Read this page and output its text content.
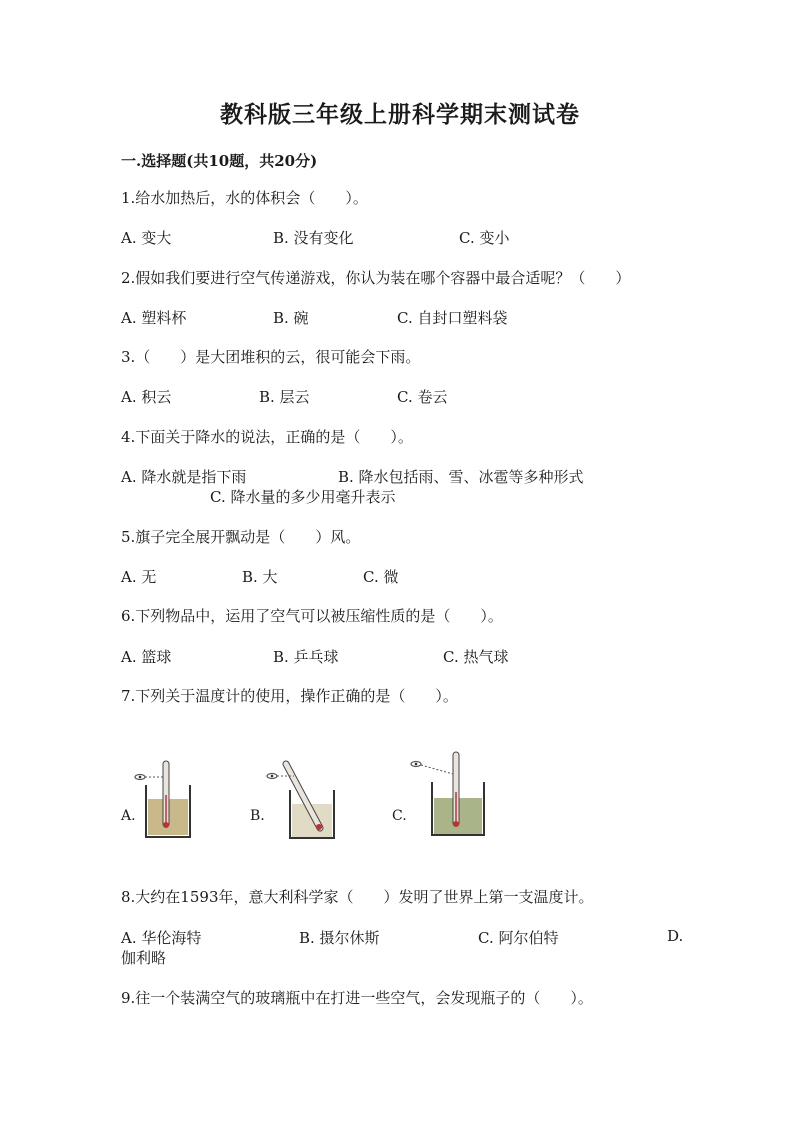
教科版三年级上册科学期末测试卷
一.选择题(共10题，共20分)
1.给水加热后，水的体积会（　　）。
A. 变大	B. 没有变化	C. 变小
2.假如我们要进行空气传递游戏，你认为装在哪个容器中最合适呢？（　　）
A. 塑料杯	B. 碗	C. 自封口塑料袋
3.（　　）是大团堆积的云，很可能会下雨。
A. 积云	B. 层云	C. 卷云
4.下面关于降水的说法，正确的是（　　）。
A. 降水就是指下雨	B. 降水包括雨、雪、冰雹等多种形式
C. 降水量的多少用毫升表示
5.旗子完全展开飘动是（　　）风。
A. 无	B. 大	C. 微
6.下列物品中，运用了空气可以被压缩性质的是（　　）。
A. 篮球	B. 乒乓球	C. 热气球
7.下列关于温度计的使用，操作正确的是（　　）。
A.	B.	C.
8.大约在1593年，意大利科学家（　　）发明了世界上第一支温度计。
A. 华伦海特	B. 摄尔休斯	C. 阿尔伯特	D.
伽利略
9.往一个装满空气的玻璃瓶中在打进一些空气，会发现瓶子的（　　）。
